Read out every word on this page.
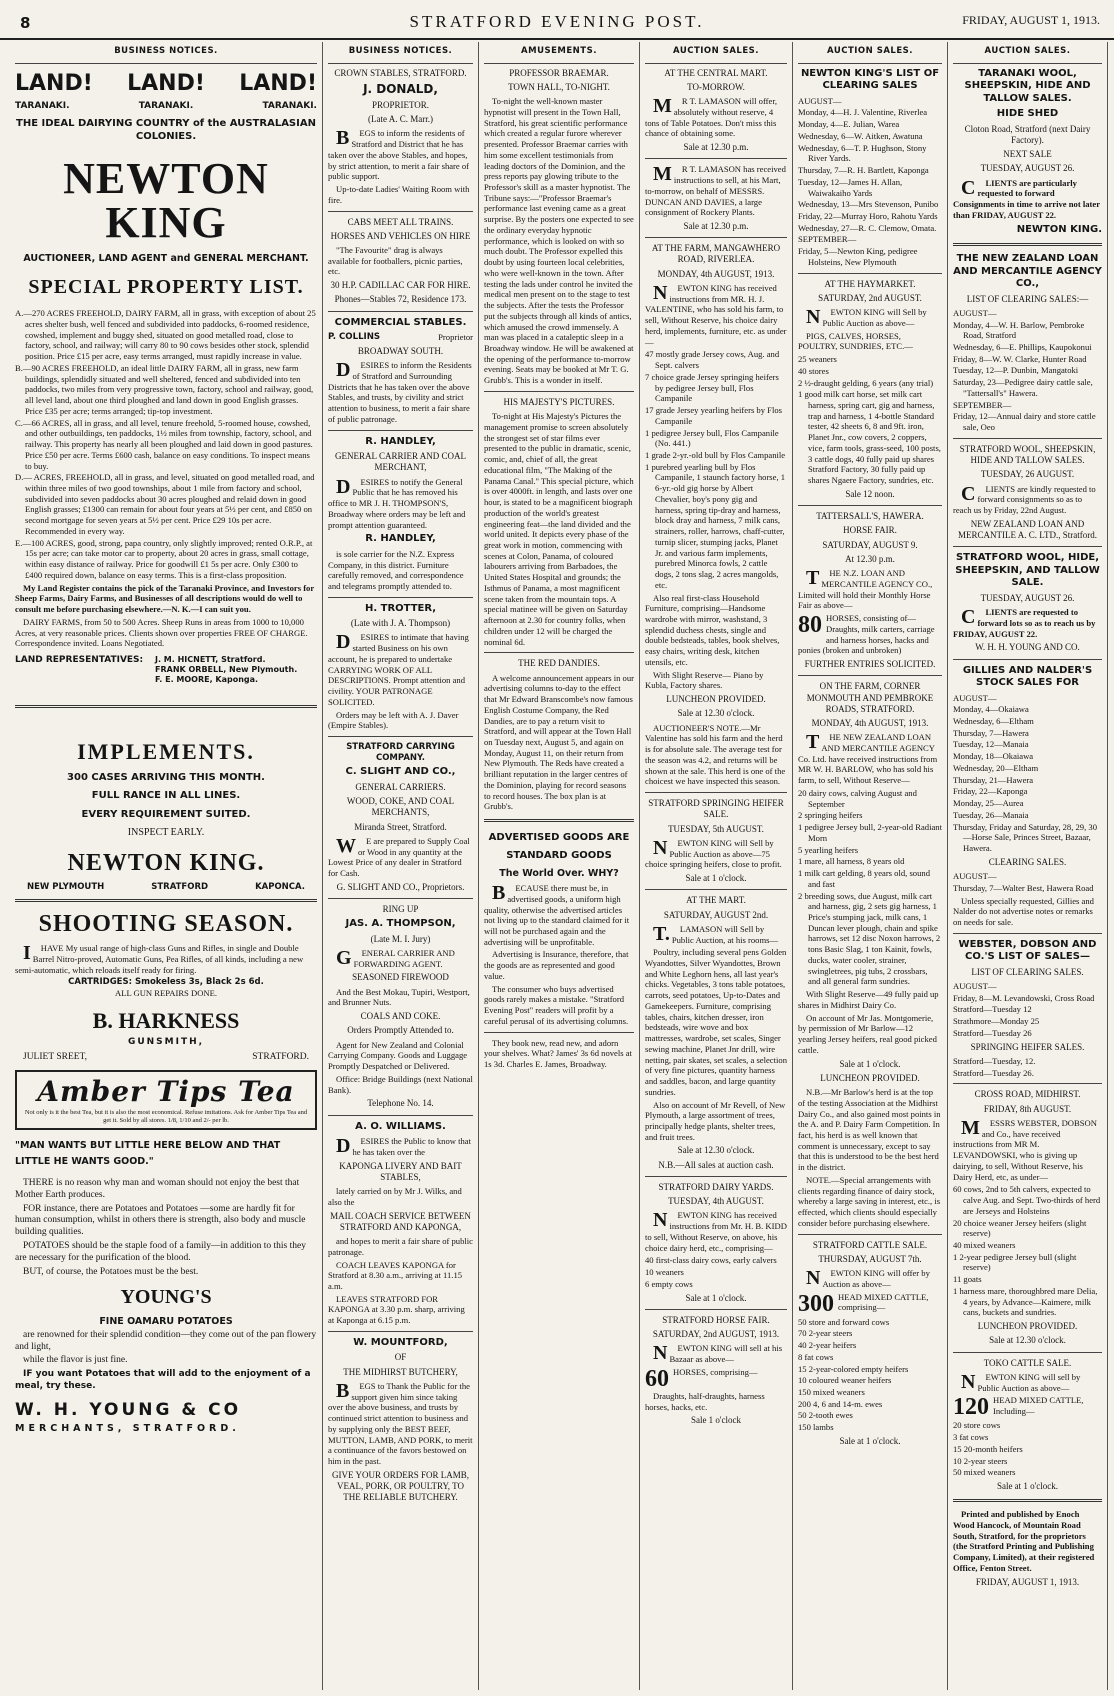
8	STRATFORD EVENING POST.	FRIDAY, AUGUST 1, 1913.
BUSINESS NOTICES.
LAND! LAND! LAND!
TARANAKI.	TARANAKI.	TARANAKI.
THE IDEAL DAIRYING COUNTRY of the AUSTRALASIAN COLONIES.
NEWTON KING
AUCTIONEER, LAND AGENT and GENERAL MERCHANT.
SPECIAL PROPERTY LIST.
A.—270 ACRES FREEHOLD, DAIRY FARM, all in grass, with exception of about 25 acres shelter bush, well fenced and subdivided into paddocks, 6-roomed residence, cowshed, implement and buggy shed, situated on good metalled road, close to factory, school, and railway; will carry 80 to 90 cows besides other stock, splendid position. Price £15 per acre, easy terms arranged, must rapidly increase in value.
B.—90 ACRES FREEHOLD, an ideal little DAIRY FARM, all in grass, new farm buildings, splendidly situated and well sheltered, fenced and subdivided into ten paddocks, two miles from very progressive town, factory, school and railway, good, all level land, about one third ploughed and land down in good English grasses. Price £35 per acre; terms arranged; tip-top investment.
C.—66 ACRES, all in grass, and all level, tenure freehold, 5-roomed house, cowshed, and other outbuildings, ten paddocks, 1½ miles from township, factory, school, and railway. This property has nearly all been ploughed and laid down in good pastures. Price £50 per acre. Terms £600 cash, balance on easy conditions. To inspect means to buy.
D.— ACRES, FREEHOLD, all in grass, and level, situated on good metalled road, and within three miles of two good townships, about 1 mile from factory and school, subdivided into seven paddocks about 30 acres ploughed and relaid down in good English grasses; £1300 can remain for about four years at 5½ per cent, and £850 on second mortgage for seven years at 5½ per cent. Price £29 10s per acre. Recommended in every way.
E.—100 ACRES, good, strong, papa country, only slightly improved; rented O.R.P., at 15s per acre; can take motor car to property, about 20 acres in grass, small cottage, within easy distance of railway. Price for goodwill £1 5s per acre. Only £300 to £400 required down, balance on easy terms. This is a first-class proposition.

My Land Register contains the pick of the Taranaki Province, and Investors for Sheep Farms, Dairy Farms, and Businesses of all descriptions would do well to consult me before purchasing elsewhere.—N. K.—I can suit you.

DAIRY FARMS, from 50 to 500 Acres. Sheep Runs in areas from 1000 to 10,000 Acres, at very reasonable prices. Clients shown over properties FREE OF CHARGE. Correspondence invited. Loans Negotiated.

LAND REPRESENTATIVES:	J. M. HICNETT, Stratford.
FRANK ORBELL, New Plymouth.
F. E. MOORE, Kaponga.
IMPLEMENTS.
300 CASES ARRIVING THIS MONTH.
FULL RANCE IN ALL LINES.
EVERY REQUIREMENT SUITED.
INSPECT EARLY.
NEWTON KING.
NEW PLYMOUTH	STRATFORD	KAPONCA.
SHOOTING SEASON.

IHAVE My usual range of high-class Guns and Rifles, in single and Double Barrel Nitro-proved, Automatic Guns, Pea Rifles, of all kinds, including a new semi-automatic, which reloads itself ready for firing.

CARTRIDGES: Smokeless 3s, Black 2s 6d.
ALL GUN REPAIRS DONE.
B. HARKNESS
GUNSMITH,
JULIET SREET,	STRATFORD.
Amber Tips Tea
Not only is it the best Tea, but it is also the most economical. Refuse imitations. Ask for Amber Tips Tea and get it. Sold by all stores. 1/8, 1/10 and 2/- per lb.
"MAN WANTS BUT LITTLE HERE BELOW AND THAT LITTLE HE WANTS GOOD."

THERE is no reason why man and woman should not enjoy the best that Mother Earth produces.

FOR instance, there are Potatoes and Potatoes —some are hardly fit for human consumption, whilst in others there is strength, also body and muscle building qualities.

POTATOES should be the staple food of a family—in addition to this they are necessary for the purification of the blood.

BUT, of course, the Potatoes must be the best.

YOUNG'S
FINE OAMARU POTATOES

are renowned for their splendid condition—they come out of the pan flowery and light,

while the flavor is just fine.

IF you want Potatoes that will add to the enjoyment of a meal, try these.

W. H. YOUNG & CO
MERCHANTS, STRATFORD.
BUSINESS NOTICES.
CROWN STABLES, STRATFORD.
J. DONALD,
PROPRIETOR.
(Late A. C. Marr.)

BEGS to inform the residents of Stratford and District that he has taken over the above Stables, and hopes, by strict attention, to merit a fair share of public support.

Up-to-date Ladies' Waiting Room with fire.

CABS MEET ALL TRAINS.
HORSES AND VEHICLES ON HIRE

"The Favourite" drag is always available for footballers, picnic parties, etc.

30 H.P. CADILLAC CAR FOR HIRE.
Phones—Stables 72, Residence 173.
COMMERCIAL STABLES.
P. COLLINS	Proprietor
BROADWAY SOUTH.

DESIRES to inform the Residents of Stratford and Surrounding Districts that he has taken over the above Stables, and trusts, by civility and strict attention to business, to merit a fair share of public patronage.

R. HANDLEY,
GENERAL CARRIER AND COAL MERCHANT,

DESIRES to notify the General Public that he has removed his office to MR J. H. THOMPSON'S, Broadway where orders may be left and prompt attention guaranteed.

R. HANDLEY,

is sole carrier for the N.Z. Express Company, in this district. Furniture carefully removed, and correspondence and telegrams promptly attended to.

H. TROTTER,
(Late with J. A. Thompson)

DESIRES to intimate that having started Business on his own account, he is prepared to undertake CARRYING WORK OF ALL DESCRIPTIONS. Prompt attention and civility. YOUR PATRONAGE SOLICITED.

Orders may be left with A. J. Daver (Empire Stables).

STRATFORD CARRYING COMPANY.
C. SLIGHT AND CO.,
GENERAL CARRIERS.
WOOD, COKE, AND COAL MERCHANTS,
Miranda Street, Stratford.

WE are prepared to Supply Coal or Wood in any quantity at the Lowest Price of any dealer in Stratford for Cash.

G. SLIGHT AND CO., Proprietors.
RING UP
JAS. A. THOMPSON,
(Late M. I. Jury)

GENERAL CARRIER AND FORWARDING AGENT.

SEASONED FIREWOOD

And the Best Mokau, Tupiri, Westport, and Brunner Nuts.

COALS AND COKE.
Orders Promptly Attended to.

Agent for New Zealand and Colonial Carrying Company. Goods and Luggage Promptly Despatched or Delivered.

Office: Bridge Buildings (next National Bank).

Telephone No. 14.
A. O. WILLIAMS.

DESIRES the Public to know that he has taken over the

KAPONGA LIVERY AND BAIT STABLES,

lately carried on by Mr J. Wilks, and also the

MAIL COACH SERVICE BETWEEN STRATFORD AND KAPONGA,

and hopes to merit a fair share of public patronage.

COACH LEAVES KAPONGA for Stratford at 8.30 a.m., arriving at 11.15 a.m.

LEAVES STRATFORD FOR KAPONGA at 3.30 p.m. sharp, arriving at Kaponga at 6.15 p.m.

W. MOUNTFORD,
OF
THE MIDHIRST BUTCHERY,

BEGS to Thank the Public for the support given him since taking over the above business, and trusts by continued strict attention to business and by supplying only the BEST BEEF, MUTTON, LAMB, AND PORK, to merit a continuance of the favors bestowed on him in the past.

GIVE YOUR ORDERS FOR LAMB, VEAL, PORK, OR POULTRY, TO THE RELIABLE BUTCHERY.
AMUSEMENTS.
PROFESSOR BRAEMAR.
TOWN HALL, TO-NIGHT.

To-night the well-known master hypnotist will present in the Town Hall, Stratford, his great scientific performance which created a regular furore wherever presented. Professor Braemar carries with him some excellent testimonials from leading doctors of the Dominion, and the press reports pay glowing tribute to the Professor's skill as a master hypnotist. The Tribune says:—"Professor Braemar's performance last evening came as a great surprise. By the posters one expected to see the ordinary everyday hypnotic performance, which is looked on with so much doubt. The Professor expelled this doubt by using fourteen local celebrities, who were well-known in the town. After testing the lads under control he invited the medical men present on to the stage to test the subjects. After the tests the Professor put the subjects through all kinds of antics, which amused the crowd immensely. A man was placed in a cataleptic sleep in a Broadway window. He will be awakened at the opening of the performance to-morrow evening. Seats may be booked at Mr T. G. Grubb's. This is a wonder in itself.

HIS MAJESTY'S PICTURES.

To-night at His Majesty's Pictures the management promise to screen absolutely the strongest set of star films ever presented to the public in dramatic, scenic, comic, and, chief of all, the great educational film, "The Making of the Panama Canal." This special picture, which is over 4000ft. in length, and lasts over one hour, is stated to be a magnificent biograph production of the world's greatest engineering feat—the land divided and the world united. It depicts every phase of the great work in motion, commencing with scenes at Colon, Panama, of coloured labourers arriving from Barbadoes, the United States Hospital and grounds; the Isthmus of Panama, a most magnificent scene taken from the mountain tops. A special matinee will be given on Saturday afternoon at 2.30 for country folks, when children under 12 will be charged the nominal 6d.

THE RED DANDIES.

A welcome announcement appears in our advertising columns to-day to the effect that Mr Edward Branscombe's now famous English Costume Company, the Red Dandies, are to pay a return visit to Stratford, and will appear at the Town Hall on Tuesday next, August 5, and again on Monday, August 11, on their return from New Plymouth. The Reds have created a brilliant reputation in the larger centres of the Dominion, playing for record seasons to record houses. The box plan is at Grubb's.

ADVERTISED GOODS ARE STANDARD GOODS
The World Over. WHY?

BECAUSE there must be, in advertised goods, a uniform high quality, otherwise the advertised articles not living up to the standard claimed for it will not be purchased again and the advertising will be unprofitable.

Advertising is Insurance, therefore, that the goods are as represented and good value.

The consumer who buys advertised goods rarely makes a mistake. "Stratford Evening Post" readers will profit by a careful perusal of its advertising columns.

They book new, read new, and adorn your shelves. What? James' 3s 6d novels at 1s 3d. Charles E. James, Broadway.

AUCTION SALES.
AT THE CENTRAL MART.
TO-MORROW.

MR T. LAMASON will offer, absolutely without reserve, 4 tons of Table Potatoes. Don't miss this chance of obtaining some.

Sale at 12.30 p.m.

MR T. LAMASON has received instructions to sell, at his Mart, to-morrow, on behalf of MESSRS. DUNCAN AND DAVIES, a large consignment of Rockery Plants.

Sale at 12.30 p.m.
AT THE FARM, MANGAWHERO ROAD, RIVERLEA.
MONDAY, 4th AUGUST, 1913.

NEWTON KING has received instructions from MR. H. J. VALENTINE, who has sold his farm, to sell, Without Reserve, his choice dairy herd, implements, furniture, etc. as under—

47 mostly grade Jersey cows, Aug. and Sept. calvers
7 choice grade Jersey springing heifers by pedigree Jersey bull, Flos Campanile
17 grade Jersey yearling heifers by Flos Campanile
1 pedigree Jersey bull, Flos Campanile (No. 441.)
1 grade 2-yr.-old bull by Flos Campanile
1 purebred yearling bull by Flos Campanile, 1 staunch factory horse, 1 6-yr.-old gig horse by Albert Chevalier, boy's pony gig and harness, spring tip-dray and harness, block dray and harness, 7 milk cans, strainers, roller, harrows, chaff-cutter, turnip slicer, stumping jacks, Planet Jr. and various farm implements, purebred Minorca fowls, 2 cattle dogs, 2 tons slag, 2 acres mangolds, etc.

Also real first-class Household Furniture, comprising—Handsome wardrobe with mirror, washstand, 3 splendid duchess chests, single and double bedsteads, tables, book shelves, easy chairs, writing desk, kitchen utensils, etc.

With Slight Reserve— Piano by Kubla, Factory shares.

LUNCHEON PROVIDED.
Sale at 12.30 o'clock.

AUCTIONEER'S NOTE.—Mr Valentine has sold his farm and the herd is for absolute sale. The average test for the season was 4.2, and returns will be shown at the sale. This herd is one of the choicest we have inspected this season.

STRATFORD SPRINGING HEIFER SALE.
TUESDAY, 5th AUGUST.

NEWTON KING will Sell by Public Auction as above—75 choice springing heifers, close to profit.

Sale at 1 o'clock.
AT THE MART.
SATURDAY, AUGUST 2nd.

T.LAMASON will Sell by Public Auction, at his rooms—

Poultry, including several pens Golden Wyandottes, Silver Wyandottes, Brown and White Leghorn hens, all last year's chicks. Vegetables, 3 tons table potatoes, carrots, seed potatoes, Up-to-Dates and Gamekeepers. Furniture, comprising tables, chairs, kitchen dresser, iron bedsteads, wire wove and box mattresses, wardrobe, set scales, Singer sewing machine, Planet Jnr drill, wire netting, pair skates, set scales, a selection of very fine pictures, quantity harness and saddles, bacon, and large quantity sundries.

Also on account of Mr Revell, of New Plymouth, a large assortment of trees, principally hedge plants, shelter trees, and fruit trees.

Sale at 12.30 o'clock.
N.B.—All sales at auction cash.
STRATFORD DAIRY YARDS.
TUESDAY, 4th AUGUST.

NEWTON KING has received instructions from Mr. H. B. KIDD to sell, Without Reserve, on above, his choice dairy herd, etc., comprising—

40 first-class dairy cows, early calvers
10 weaners
6 empty cows
Sale at 1 o'clock.
STRATFORD HORSE FAIR.
SATURDAY, 2nd AUGUST, 1913.

NEWTON KING will sell at his Bazaar as above—

60 HORSES, comprising—

Draughts, half-draughts, harness horses, hacks, etc.

Sale 1 o'clock
AUCTION SALES.
NEWTON KING'S LIST OF CLEARING SALES
AUGUST—
Monday, 4—H. J. Valentine, Riverlea
Monday, 4—E. Julian, Warea
Wednesday, 6—W. Aitken, Awatuna
Wednesday, 6—T. P. Hughson, Stony River Yards.
Thursday, 7—R. H. Bartlett, Kaponga
Tuesday, 12—James H. Allan, Waiwakaiho Yards
Wednesday, 13—Mrs Stevenson, Punibo
Friday, 22—Murray Horo, Rahotu Yards
Wednesday, 27—R. C. Clemow, Omata.
SEPTEMBER—
Friday, 5—Newton King, pedigree Holsteins, New Plymouth
AT THE HAYMARKET.
SATURDAY, 2nd AUGUST.

NEWTON KING will Sell by Public Auction as above—

PIGS, CALVES, HORSES, POULTRY, SUNDRIES, ETC.—

25 weaners
40 stores
2 ½-draught gelding, 6 years (any trial)
1 good milk cart horse, set milk cart harness, spring cart, gig and harness, trap and harness, 1 4-bottle Standard tester, 42 sheets 6, 8 and 9ft. iron, Planet Jnr., cow covers, 2 coppers, vice, farm tools, grass-seed, 100 posts, 3 cattle dogs, 40 fully paid up shares Stratford Factory, 30 fully paid up shares Ngaere Factory, sundries, etc.
Sale 12 noon.
TATTERSALL'S, HAWERA.
HORSE FAIR.
SATURDAY, AUGUST 9.
At 12.30 p.m.

THE N.Z. LOAN AND MERCANTILE AGENCY CO., Limited will hold their Monthly Horse Fair as above—

80 HORSES, consisting of—Draughts, milk carters, carriage and harness horses, hacks and ponies (broken and unbroken)
FURTHER ENTRIES SOLICITED.
ON THE FARM, CORNER MONMOUTH AND PEMBROKE ROADS, STRATFORD.
MONDAY, 4th AUGUST, 1913.

THE NEW ZEALAND LOAN AND MERCANTILE AGENCY Co. Ltd. have received instructions from MR W. H. BARLOW, who has sold his farm, to sell, Without Reserve—

20 dairy cows, calving August and September
2 springing heifers
1 pedigree Jersey bull, 2-year-old Radiant Morn
5 yearling heifers
1 mare, all harness, 8 years old
1 milk cart gelding, 8 years old, sound and fast
2 breeding sows, due August, milk cart and harness, gig, 2 sets gig harness, 1 Price's stumping jack, milk cans, 1 Duncan lever plough, chain and spike harrows, set 12 disc Noxon harrows, 2 tons Basic Slag, 1 ton Kainit, fowls, ducks, water cooler, strainer, swingletrees, pig tubs, 2 crossbars, and all general farm sundries.

With Slight Reserve—49 fully paid up shares in Midhirst Dairy Co.

On account of Mr Jas. Montgomerie, by permission of Mr Barlow—12 yearling Jersey heifers, real good picked cattle.

Sale at 1 o'clock.
LUNCHEON PROVIDED.

N.B.—Mr Barlow's herd is at the top of the testing Association at the Midhirst Dairy Co., and also gained most points in the A. and P. Dairy Farm Competition. In fact, his herd is as well known that comment is unnecessary, except to say that this is understood to be the best herd in the district.

NOTE.—Special arrangements with clients regarding finance of dairy stock, whereby a large saving in interest, etc., is effected, which clients should especially consider before purchasing elsewhere.

STRATFORD CATTLE SALE.
THURSDAY, AUGUST 7th.

NEWTON KING will offer by Auction as above—

300 HEAD MIXED CATTLE, comprising—
50 store and forward cows
70 2-year steers
40 2-year heifers
8 fat cows
15 2-year-colored empty heifers
10 coloured weaner heifers
150 mixed weaners
200 4, 6 and 14-m. ewes
50 2-tooth ewes
150 lambs
Sale at 1 o'clock.
AUCTION SALES.
TARANAKI WOOL, SHEEPSKIN, HIDE AND TALLOW SALES.
HIDE SHED
Cloton Road, Stratford (next Dairy Factory).
NEXT SALE
TUESDAY, AUGUST 26.

CLIENTS are particularly requested to forward Consignments in time to arrive not later than FRIDAY, AUGUST 22.

NEWTON KING.
THE NEW ZEALAND LOAN AND MERCANTILE AGENCY CO.,
LIST OF CLEARING SALES:—
AUGUST—
Monday, 4—W. H. Barlow, Pembroke Road, Stratford
Wednesday, 6—E. Phillips, Kaupokonui
Friday, 8—W. W. Clarke, Hunter Road
Tuesday, 12—P. Dunbin, Mangatoki
Saturday, 23—Pedigree dairy cattle sale, "Tattersall's" Hawera.
SEPTEMBER—
Friday, 12—Annual dairy and store cattle sale, Oeo
STRATFORD WOOL, SHEEPSKIN, HIDE AND TALLOW SALES.
TUESDAY, 26 AUGUST.

CLIENTS are kindly requested to forward consignments so as to reach us by Friday, 22nd August.

NEW ZEALAND LOAN AND MERCANTILE A. C. LTD., Stratford.
STRATFORD WOOL, HIDE, SHEEPSKIN, AND TALLOW SALE.
TUESDAY, AUGUST 26.

CLIENTS are requested to forward lots so as to reach us by FRIDAY, AUGUST 22.

W. H. H. YOUNG AND CO.
GILLIES AND NALDER'S STOCK SALES FOR
AUGUST—
Monday, 4—Okaiawa
Wednesday, 6—Eltham
Thursday, 7—Hawera
Tuesday, 12—Manaia
Monday, 18—Okaiawa
Wednesday, 20—Eltham
Thursday, 21—Hawera
Friday, 22—Kaponga
Monday, 25—Aurea
Tuesday, 26—Manaia
Thursday, Friday and Saturday, 28, 29, 30—Horse Sale, Princes Street, Bazaar, Hawera.
CLEARING SALES.
AUGUST—
Thursday, 7—Walter Best, Hawera Road

Unless specially requested, Gillies and Nalder do not advertise notes or remarks on needs for sale.

WEBSTER, DOBSON AND CO.'S LIST OF SALES—
LIST OF CLEARING SALES.
AUGUST—
Friday, 8—M. Levandowski, Cross Road
Stratford—Tuesday 12
Strathmore—Monday 25
Stratford—Tuesday 26
SPRINGING HEIFER SALES.
Stratford—Tuesday, 12.
Stratford—Tuesday 26.
CROSS ROAD, MIDHIRST.
FRIDAY, 8th AUGUST.

MESSRS WEBSTER, DOBSON and Co., have received instructions from MR M. LEVANDOWSKI, who is giving up dairying, to sell, Without Reserve, his Dairy Herd, etc, as under—

60 cows, 2nd to 5th calvers, expected to calve Aug. and Sept. Two-thirds of herd are Jerseys and Holsteins
20 choice weaner Jersey heifers (slight reserve)
40 mixed weaners
1 2-year pedigree Jersey bull (slight reserve)
11 goats
1 harness mare, thoroughbred mare Delia, 4 years, by Advance—Kaimere, milk cans, buckets and sundries.
LUNCHEON PROVIDED.
Sale at 12.30 o'clock.
TOKO CATTLE SALE.

NEWTON KING will sell by Public Auction as above—

120 HEAD MIXED CATTLE, Including—
20 store cows
3 fat cows
15 20-month heifers
10 2-year steers
50 mixed weaners
Sale at 1 o'clock.

Printed and published by Enoch Wood Hancock, of Mountain Road South, Stratford, for the proprietors (the Stratford Printing and Publishing Company, Limited), at their registered Office, Fenton Street.

FRIDAY, AUGUST 1, 1913.
